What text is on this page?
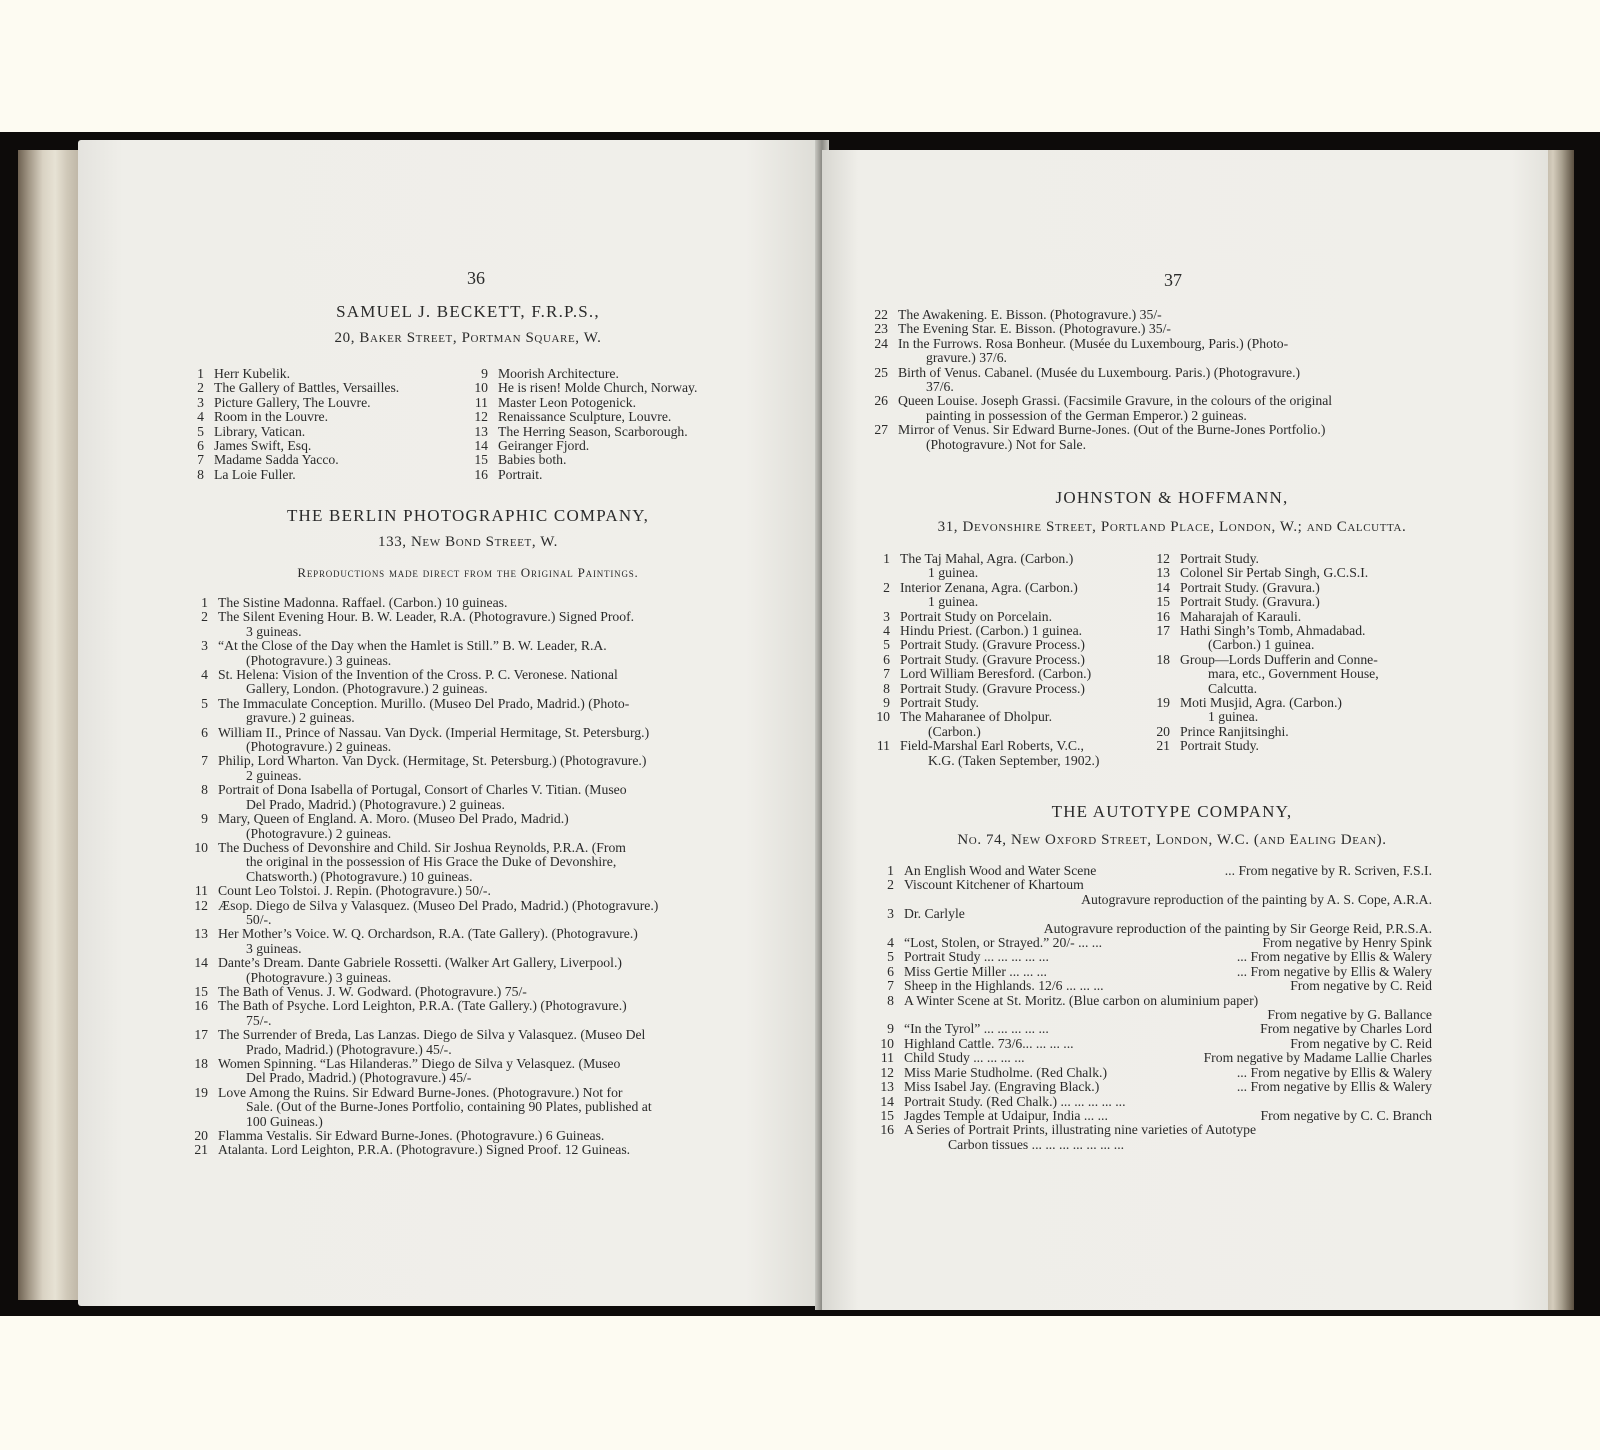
36
SAMUEL J. BECKETT, F.R.P.S.,
20, Baker Street, Portman Square, W.
1 Herr Kubelik.
2 The Gallery of Battles, Versailles.
3 Picture Gallery, The Louvre.
4 Room in the Louvre.
5 Library, Vatican.
6 James Swift, Esq.
7 Madame Sadda Yacco.
8 La Loie Fuller.
9 Moorish Architecture.
10 He is risen! Molde Church, Norway.
11 Master Leon Potogenick.
12 Renaissance Sculpture, Louvre.
13 The Herring Season, Scarborough.
14 Geiranger Fjord.
15 Babies both.
16 Portrait.
THE BERLIN PHOTOGRAPHIC COMPANY,
133, New Bond Street, W.
Reproductions made direct from the Original Paintings.
1 The Sistine Madonna. Raffael. (Carbon.) 10 guineas.
2 The Silent Evening Hour. B. W. Leader, R.A. (Photogravure.) Signed Proof.
3 guineas.
3 “At the Close of the Day when the Hamlet is Still.” B. W. Leader, R.A.
(Photogravure.) 3 guineas.
4 St. Helena: Vision of the Invention of the Cross. P. C. Veronese. National
Gallery, London. (Photogravure.) 2 guineas.
5 The Immaculate Conception. Murillo. (Museo Del Prado, Madrid.) (Photo-
gravure.) 2 guineas.
6 William II., Prince of Nassau. Van Dyck. (Imperial Hermitage, St. Petersburg.)
(Photogravure.) 2 guineas.
7 Philip, Lord Wharton. Van Dyck. (Hermitage, St. Petersburg.) (Photogravure.)
2 guineas.
8 Portrait of Dona Isabella of Portugal, Consort of Charles V. Titian. (Museo
Del Prado, Madrid.) (Photogravure.) 2 guineas.
9 Mary, Queen of England. A. Moro. (Museo Del Prado, Madrid.)
(Photogravure.) 2 guineas.
10 The Duchess of Devonshire and Child. Sir Joshua Reynolds, P.R.A. (From
the original in the possession of His Grace the Duke of Devonshire,
Chatsworth.) (Photogravure.) 10 guineas.
11 Count Leo Tolstoi. J. Repin. (Photogravure.) 50/-.
12 Æsop. Diego de Silva y Valasquez. (Museo Del Prado, Madrid.) (Photogravure.)
50/-.
13 Her Mother’s Voice. W. Q. Orchardson, R.A. (Tate Gallery). (Photogravure.)
3 guineas.
14 Dante’s Dream. Dante Gabriele Rossetti. (Walker Art Gallery, Liverpool.)
(Photogravure.) 3 guineas.
15 The Bath of Venus. J. W. Godward. (Photogravure.) 75/-
16 The Bath of Psyche. Lord Leighton, P.R.A. (Tate Gallery.) (Photogravure.)
75/-.
17 The Surrender of Breda, Las Lanzas. Diego de Silva y Valasquez. (Museo Del
Prado, Madrid.) (Photogravure.) 45/-.
18 Women Spinning. “Las Hilanderas.” Diego de Silva y Velasquez. (Museo
Del Prado, Madrid.) (Photogravure.) 45/-
19 Love Among the Ruins. Sir Edward Burne-Jones. (Photogravure.) Not for
Sale. (Out of the Burne-Jones Portfolio, containing 90 Plates, published at
100 Guineas.)
20 Flamma Vestalis. Sir Edward Burne-Jones. (Photogravure.) 6 Guineas.
21 Atalanta. Lord Leighton, P.R.A. (Photogravure.) Signed Proof. 12 Guineas.
37
22 The Awakening. E. Bisson. (Photogravure.) 35/-
23 The Evening Star. E. Bisson. (Photogravure.) 35/-
24 In the Furrows. Rosa Bonheur. (Musée du Luxembourg, Paris.) (Photo-
gravure.) 37/6.
25 Birth of Venus. Cabanel. (Musée du Luxembourg. Paris.) (Photogravure.)
37/6.
26 Queen Louise. Joseph Grassi. (Facsimile Gravure, in the colours of the original
painting in possession of the German Emperor.) 2 guineas.
27 Mirror of Venus. Sir Edward Burne-Jones. (Out of the Burne-Jones Portfolio.)
(Photogravure.) Not for Sale.
JOHNSTON & HOFFMANN,
31, Devonshire Street, Portland Place, London, W.; and Calcutta.
1 The Taj Mahal, Agra. (Carbon.)
1 guinea.
2 Interior Zenana, Agra. (Carbon.)
1 guinea.
3 Portrait Study on Porcelain.
4 Hindu Priest. (Carbon.) 1 guinea.
5 Portrait Study. (Gravure Process.)
6 Portrait Study. (Gravure Process.)
7 Lord William Beresford. (Carbon.)
8 Portrait Study. (Gravure Process.)
9 Portrait Study.
10 The Maharanee of Dholpur.
(Carbon.)
11 Field-Marshal Earl Roberts, V.C.,
K.G. (Taken September, 1902.)
12 Portrait Study.
13 Colonel Sir Pertab Singh, G.C.S.I.
14 Portrait Study. (Gravura.)
15 Portrait Study. (Gravura.)
16 Maharajah of Karauli.
17 Hathi Singh’s Tomb, Ahmadabad.
(Carbon.) 1 guinea.
18 Group—Lords Dufferin and Conne-
mara, etc., Government House,
Calcutta.
19 Moti Musjid, Agra. (Carbon.)
1 guinea.
20 Prince Ranjitsinghi.
21 Portrait Study.
THE AUTOTYPE COMPANY,
No. 74, New Oxford Street, London, W.C. (and Ealing Dean).
1 An English Wood and Water Scene	... From negative by R. Scriven, F.S.I.
2 Viscount Kitchener of Khartoum
Autogravure reproduction of the painting by A. S. Cope, A.R.A.
3 Dr. Carlyle
Autogravure reproduction of the painting by Sir George Reid, P.R.S.A.
4 “Lost, Stolen, or Strayed.” 20/- ... ...	From negative by Henry Spink
5 Portrait Study ... ... ... ... ...	... From negative by Ellis & Walery
6 Miss Gertie Miller ... ... ...	... From negative by Ellis & Walery
7 Sheep in the Highlands. 12/6 ... ... ...	From negative by C. Reid
8 A Winter Scene at St. Moritz. (Blue carbon on aluminium paper)
From negative by G. Ballance
9 “In the Tyrol” ... ... ... ... ...	From negative by Charles Lord
10 Highland Cattle. 73/6... ... ... ...	From negative by C. Reid
11 Child Study ... ... ... ...	From negative by Madame Lallie Charles
12 Miss Marie Studholme. (Red Chalk.)	... From negative by Ellis & Walery
13 Miss Isabel Jay. (Engraving Black.)	... From negative by Ellis & Walery
14 Portrait Study. (Red Chalk.) ... ... ... ... ...
15 Jagdes Temple at Udaipur, India ... ...	From negative by C. C. Branch
16 A Series of Portrait Prints, illustrating nine varieties of Autotype
Carbon tissues ... ... ... ... ... ... ...
